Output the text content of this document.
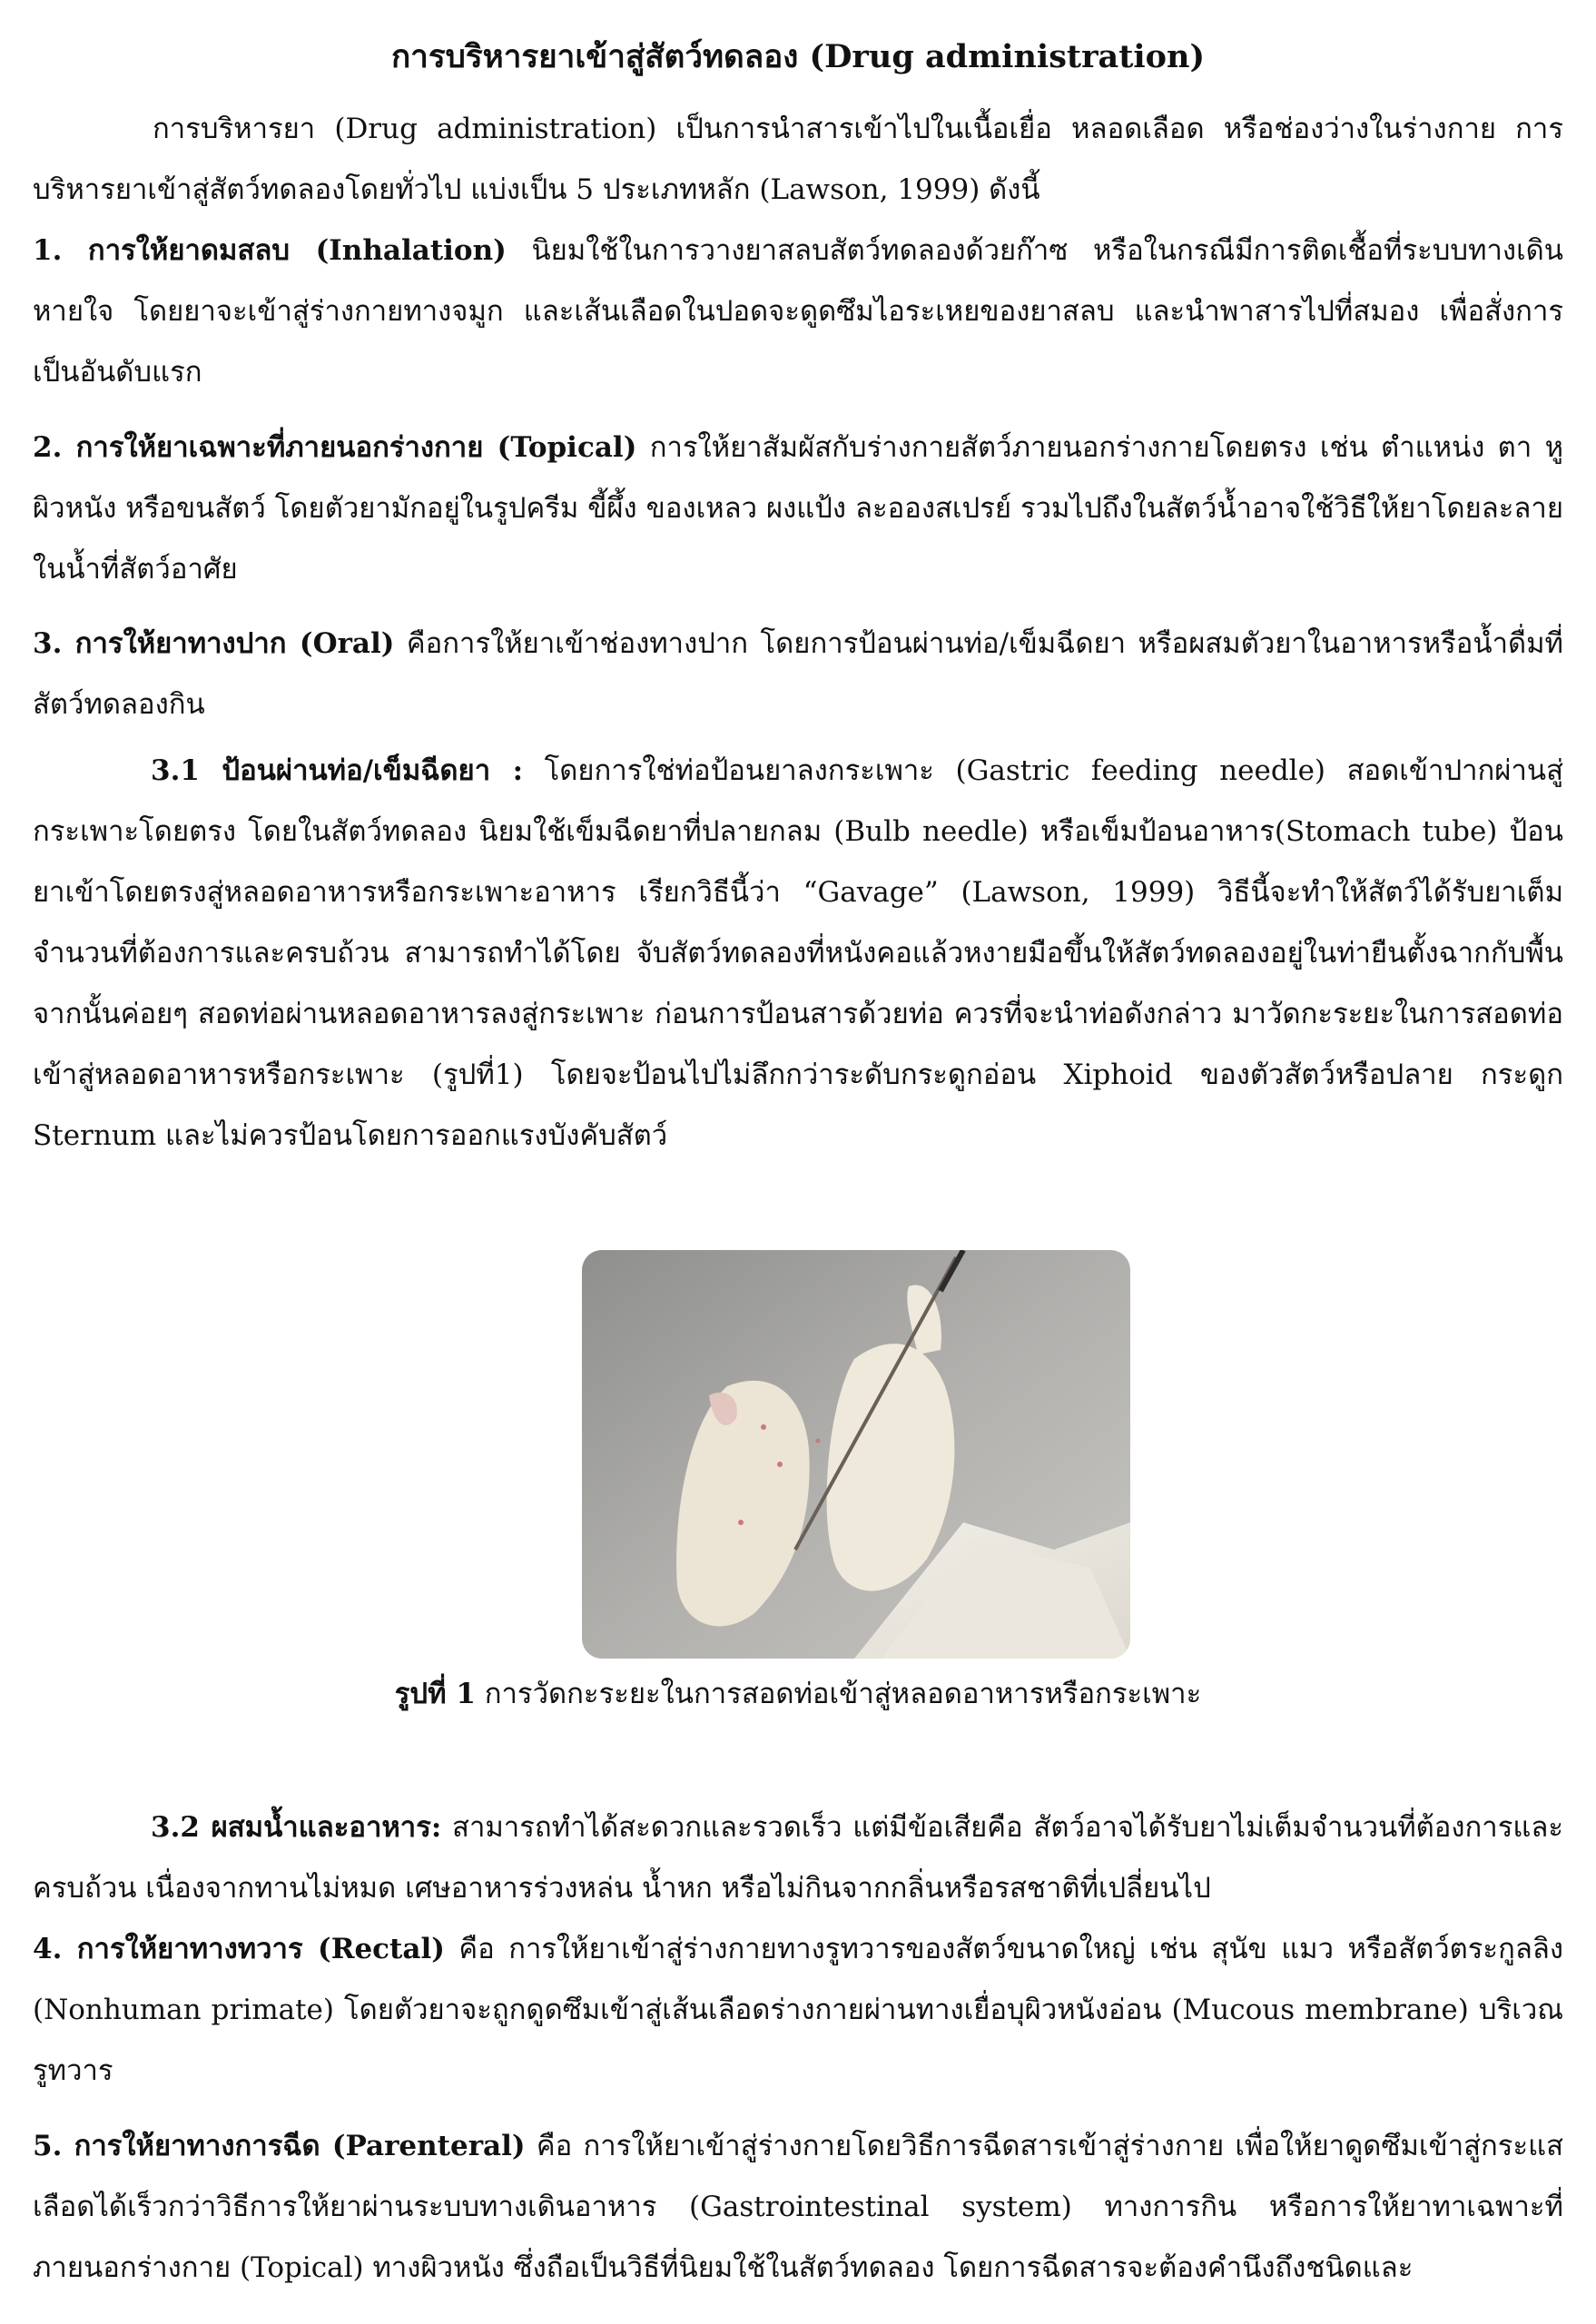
การบริหารยาเข้าสู่สัตว์ทดลอง (Drug administration)

การบริหารยา (Drug administration) เป็นการนำสารเข้าไปในเนื้อเยื่อ หลอดเลือด หรือช่องว่างในร่างกาย การบริหารยาเข้าสู่สัตว์ทดลองโดยทั่วไป แบ่งเป็น 5 ประเภทหลัก (Lawson, 1999) ดังนี้

1. การให้ยาดมสลบ (Inhalation) นิยมใช้ในการวางยาสลบสัตว์ทดลองด้วยก๊าซ หรือในกรณีมีการติดเชื้อที่ระบบทางเดินหายใจ โดยยาจะเข้าสู่ร่างกายทางจมูก และเส้นเลือดในปอดจะดูดซึมไอระเหยของยาสลบ และนำพาสารไปที่สมอง เพื่อสั่งการเป็นอันดับแรก

2. การให้ยาเฉพาะที่ภายนอกร่างกาย (Topical) การให้ยาสัมผัสกับร่างกายสัตว์ภายนอกร่างกายโดยตรง เช่น ตำแหน่ง ตา หู ผิวหนัง หรือขนสัตว์ โดยตัวยามักอยู่ในรูปครีม ขี้ผึ้ง ของเหลว ผงแป้ง ละอองสเปรย์ รวมไปถึงในสัตว์น้ำอาจใช้วิธีให้ยาโดยละลายในน้ำที่สัตว์อาศัย

3. การให้ยาทางปาก (Oral) คือการให้ยาเข้าช่องทางปาก โดยการป้อนผ่านท่อ/เข็มฉีดยา หรือผสมตัวยาในอาหารหรือน้ำดื่มที่สัตว์ทดลองกิน

3.1 ป้อนผ่านท่อ/เข็มฉีดยา : โดยการใช่ท่อป้อนยาลงกระเพาะ (Gastric feeding needle) สอดเข้าปากผ่านสู่กระเพาะโดยตรง โดยในสัตว์ทดลอง นิยมใช้เข็มฉีดยาที่ปลายกลม (Bulb needle) หรือเข็มป้อนอาหาร(Stomach tube) ป้อนยาเข้าโดยตรงสู่หลอดอาหารหรือกระเพาะอาหาร เรียกวิธีนี้ว่า “Gavage” (Lawson, 1999) วิธีนี้จะทำให้สัตว์ได้รับยาเต็มจำนวนที่ต้องการและครบถ้วน สามารถทำได้โดย จับสัตว์ทดลองที่หนังคอแล้วหงายมือขึ้นให้สัตว์ทดลองอยู่ในท่ายืนตั้งฉากกับพื้น จากนั้นค่อยๆ สอดท่อผ่านหลอดอาหารลงสู่กระเพาะ ก่อนการป้อนสารด้วยท่อ ควรที่จะนำท่อดังกล่าว มาวัดกะระยะในการสอดท่อเข้าสู่หลอดอาหารหรือกระเพาะ (รูปที่1) โดยจะป้อนไปไม่ลึกกว่าระดับกระดูกอ่อน Xiphoid ของตัวสัตว์หรือปลาย กระดูก Sternum และไม่ควรป้อนโดยการออกแรงบังคับสัตว์

รูปที่ 1 การวัดกะระยะในการสอดท่อเข้าสู่หลอดอาหารหรือกระเพาะ

3.2 ผสมน้ำและอาหาร: สามารถทำได้สะดวกและรวดเร็ว แต่มีข้อเสียคือ สัตว์อาจได้รับยาไม่เต็มจำนวนที่ต้องการและครบถ้วน เนื่องจากทานไม่หมด เศษอาหารร่วงหล่น น้ำหก หรือไม่กินจากกลิ่นหรือรสชาติที่เปลี่ยนไป

4. การให้ยาทางทวาร (Rectal) คือ การให้ยาเข้าสู่ร่างกายทางรูทวารของสัตว์ขนาดใหญ่ เช่น สุนัข แมว หรือสัตว์ตระกูลลิง (Nonhuman primate) โดยตัวยาจะถูกดูดซึมเข้าสู่เส้นเลือดร่างกายผ่านทางเยื่อบุผิวหนังอ่อน (Mucous membrane) บริเวณรูทวาร

5. การให้ยาทางการฉีด (Parenteral) คือ การให้ยาเข้าสู่ร่างกายโดยวิธีการฉีดสารเข้าสู่ร่างกาย เพื่อให้ยาดูดซึมเข้าสู่กระแสเลือดได้เร็วกว่าวิธีการให้ยาผ่านระบบทางเดินอาหาร (Gastrointestinal system) ทางการกิน หรือการให้ยาทาเฉพาะที่ภายนอกร่างกาย (Topical) ทางผิวหนัง ซึ่งถือเป็นวิธีที่นิยมใช้ในสัตว์ทดลอง โดยการฉีดสารจะต้องคำนึงถึงชนิดและ
